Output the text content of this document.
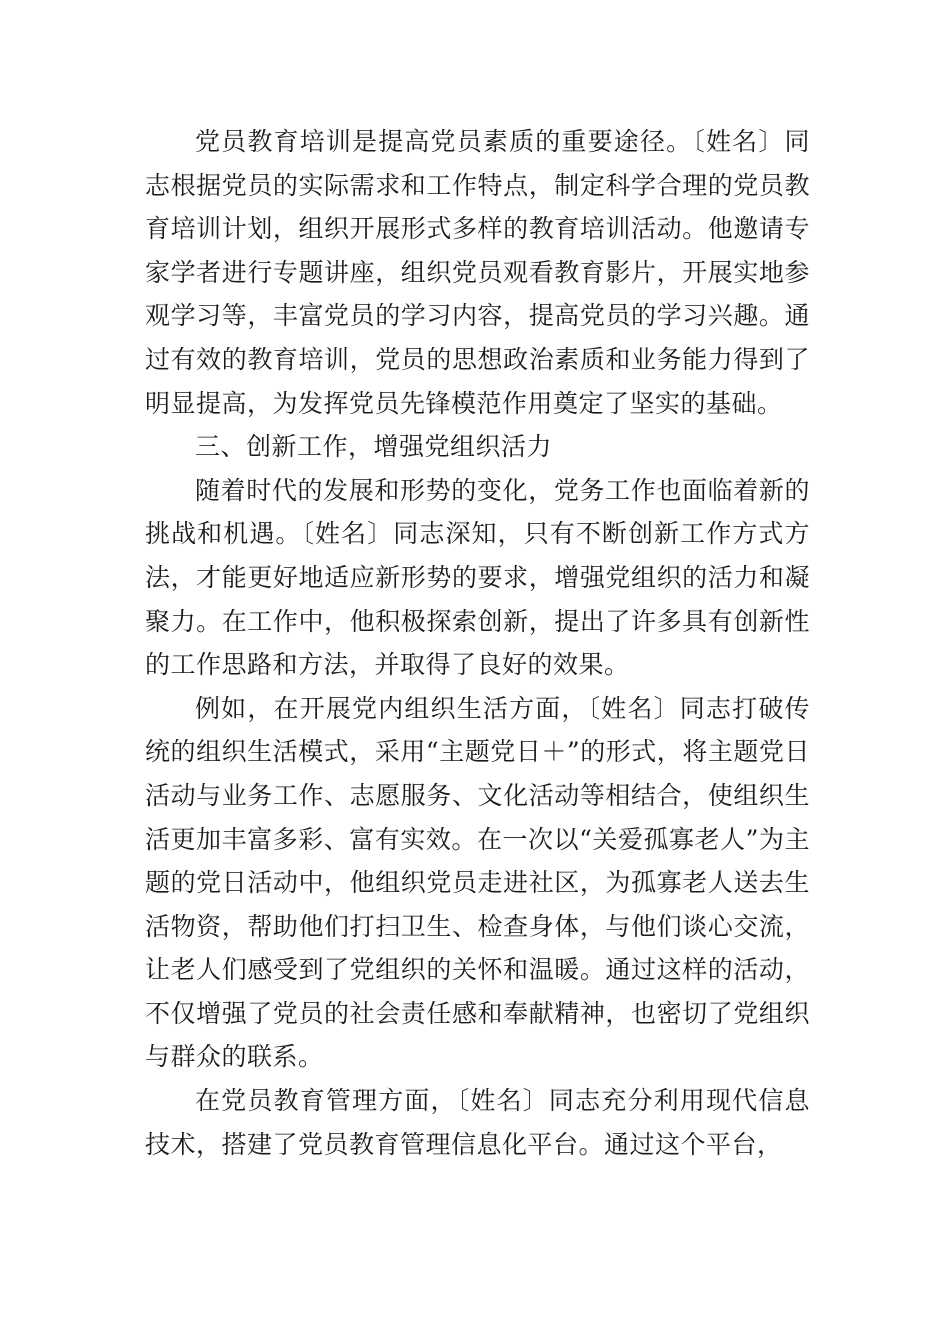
党员教育培训是提高党员素质的重要途径。〔姓名〕同志根据党员的实际需求和工作特点，制定科学合理的党员教育培训计划，组织开展形式多样的教育培训活动。他邀请专家学者进行专题讲座，组织党员观看教育影片，开展实地参观学习等，丰富党员的学习内容，提高党员的学习兴趣。通过有效的教育培训，党员的思想政治素质和业务能力得到了明显提高，为发挥党员先锋模范作用奠定了坚实的基础。

三、创新工作，增强党组织活力

随着时代的发展和形势的变化，党务工作也面临着新的挑战和机遇。〔姓名〕同志深知，只有不断创新工作方式方法，才能更好地适应新形势的要求，增强党组织的活力和凝聚力。在工作中，他积极探索创新，提出了许多具有创新性的工作思路和方法，并取得了良好的效果。

例如，在开展党内组织生活方面，〔姓名〕同志打破传统的组织生活模式，采用“主题党日＋”的形式，将主题党日活动与业务工作、志愿服务、文化活动等相结合，使组织生活更加丰富多彩、富有实效。在一次以“关爱孤寡老人”为主题的党日活动中，他组织党员走进社区，为孤寡老人送去生活物资，帮助他们打扫卫生、检查身体，与他们谈心交流，让老人们感受到了党组织的关怀和温暖。通过这样的活动，不仅增强了党员的社会责任感和奉献精神，也密切了党组织与群众的联系。

在党员教育管理方面，〔姓名〕同志充分利用现代信息技术，搭建了党员教育管理信息化平台。通过这个平台，
